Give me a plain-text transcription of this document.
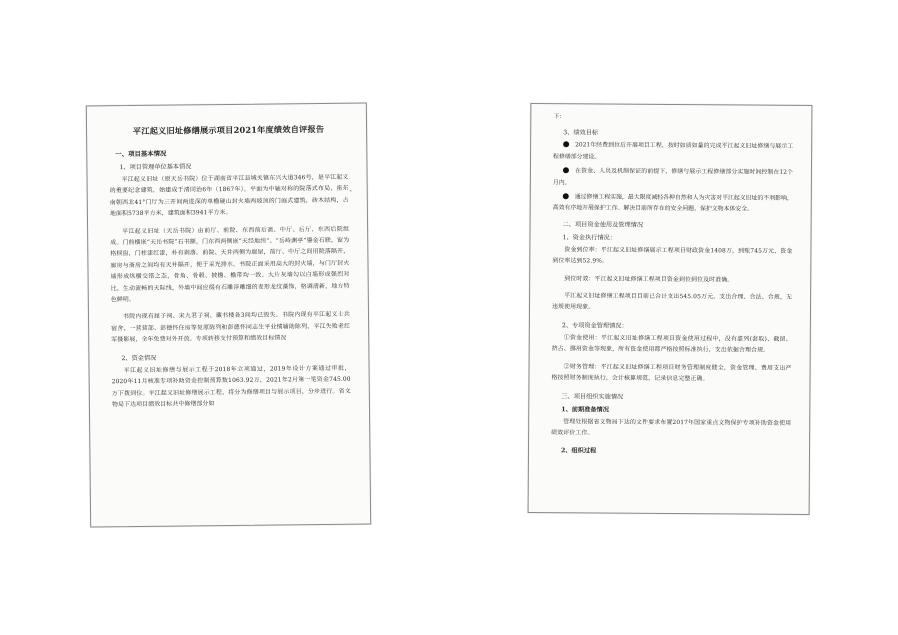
平江起义旧址修缮展示项目2021年度绩效自评报告
一、项目基本情况
1、项目管理单位基本情况

平江起义旧址（原天岳书院）位于湖南省平江县城关镇东兴大道346号，是平江起义的重要纪念建筑。始建成于清同治6年（1867年）。平面为中轴对称的院落式布局，座东南朝西北41°门厅为三开间两进深的单檐硬山封火墙两坡顶的门庭式建筑，砖木结构，占地面积5738平方米，建筑面积3941平方米。

平江起义旧址（天岳书院）由前厅、前院、东西前后斋、中厅、后厅、东西后院组成。门前横嵌“天岳书院”石书额，门东西两侧嵌“天经地纬”、“岳峙渊亭”鎏金石联，窗为格棂窗，门柱漆红漆，朴有剥落。前院、天井两侧为廊屋，前厅、中厅之间用院落隔开，廊房与斋房之间均有天井隔开，便于采光排水。书院正面采用高大的封火墙，与门厅封火墙形成纵横交错之态，骨角、骨毂、披檐、檐带均一致。大片灰墙勾以白墙形成强烈对比，生动流畅的天际线，外墙中间应缀有石雕浮雕细的麦形龙纹藻饰，格调清新，地方特色鲜明。

书院内现有屈子祠、宋九君子祠、藏书楼各3间均已毁失。书院内现有平江起义士兵宿舍、一营营部、彭德怀住房等复原陈列和彭德怀同志生平业绩辅助陈列、平江失败老红军摄影展，全年免费对外开放。专项转移支付预算和绩效目标情况

2、资金情况

平江起义旧址修缮与展示工程于2018年立项通过，2019年设计方案通过审批，2020年11月核准专项补助资金控制预算数1063.92万，2021年2月第一笔资金745.00万下拨到位。平江起义旧址修缮展示工程，将分为修缮项目与展示项目，分步进行。省文物局下达项目绩效目标共中修缮部分如

下：
3、绩效目标

2021年经费到位后开展项目工程，按时如质如量的完成平江起义旧址修缮与展示工程修缮部分建设。

在资金、人员及机制保证的前提下，修缮与展示工程修缮部分实施时间控制在12个月内。

通过修缮工程实施，最大限度减轻各种自然和人为灾害对平江起义旧址的不利影响，高效有序地开展保护工作。解决目前所存在的安全问题，保护文物本体安全。

二、项目资金使用及管理情况
1、资金执行情况：

资金到位率：平江起义旧址修缮展示工程项目财政资金1408万，到账745万元，资金到位率达到52.9%。

到位时效：平江起义旧址修缮工程项目资金到位到位及时准确。

平江起义旧址修缮工程项目目前已合计支出545.05万元，支出合理、合法、合规，无违规使用现象。

2、专项资金管理情况：

①资金使用：平江起义旧址修缮工程项目资金使用过程中，没有虚列(套取)、截留、挤占、挪用资金等现象，所有资金使用都严格按照标准执行，支出依据合理合规。

②财务管理：平江起义旧址修缮工程项目财务管理制度健全，资金管理、费用支出严格按照财务制度执行，会计核算规范，记录信息完整正确。

三、项目组织实施情况
1、前期准备情况

管理处根据省文物局下达的文件要求布置2017年国家重点文物保护专项补助资金使用绩效评价工作。

2、组织过程
